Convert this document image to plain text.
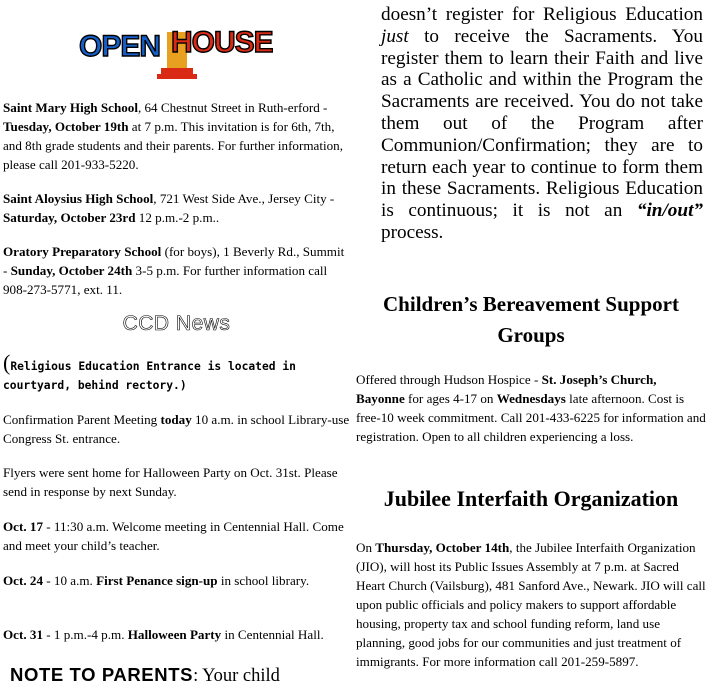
OPEN HOUSE

Saint Mary High School, 64 Chestnut Street in Ruth-erford - Tuesday, October 19th at 7 p.m. This invitation is for 6th, 7th, and 8th grade students and their parents. For further information, please call 201-933-5220.

Saint Aloysius High School, 721 West Side Ave., Jersey City - Saturday, October 23rd 12 p.m.-2 p.m..

Oratory Preparatory School (for boys), 1 Beverly Rd., Summit - Sunday, October 24th 3-5 p.m. For further information call 908-273-5771, ext. 11.

CCD News
(Religious Education Entrance is located in courtyard, behind rectory.)

Confirmation Parent Meeting today 10 a.m. in school Library-use Congress St. entrance.

Flyers were sent home for Halloween Party on Oct. 31st. Please send in response by next Sunday.

Oct. 17 - 11:30 a.m. Welcome meeting in Centennial Hall. Come and meet your child’s teacher.

Oct. 24 - 10 a.m. First Penance sign-up in school library.

Oct. 31 - 1 p.m.-4 p.m. Halloween Party in Centennial Hall.

NOTE TO PARENTS: Your child

doesn’t register for Religious Education just to receive the Sacraments. You register them to learn their Faith and live as a Catholic and within the Program the Sacraments are received. You do not take them out of the Program after Communion/Confirmation; they are to return each year to continue to form them in these Sacraments. Religious Education is continuous; it is not an “in/out” process.

Children’s Bereavement Support Groups

Offered through Hudson Hospice - St. Joseph’s Church, Bayonne for ages 4-17 on Wednesdays late afternoon. Cost is free-10 week commitment. Call 201-433-6225 for information and registration. Open to all children experiencing a loss.

Jubilee Interfaith Organization

On Thursday, October 14th, the Jubilee Interfaith Organization (JIO), will host its Public Issues Assembly at 7 p.m. at Sacred Heart Church (Vailsburg), 481 Sanford Ave., Newark. JIO will call upon public officials and policy makers to support affordable housing, property tax and school funding reform, land use planning, good jobs for our communities and just treatment of immigrants. For more information call 201-259-5897.
